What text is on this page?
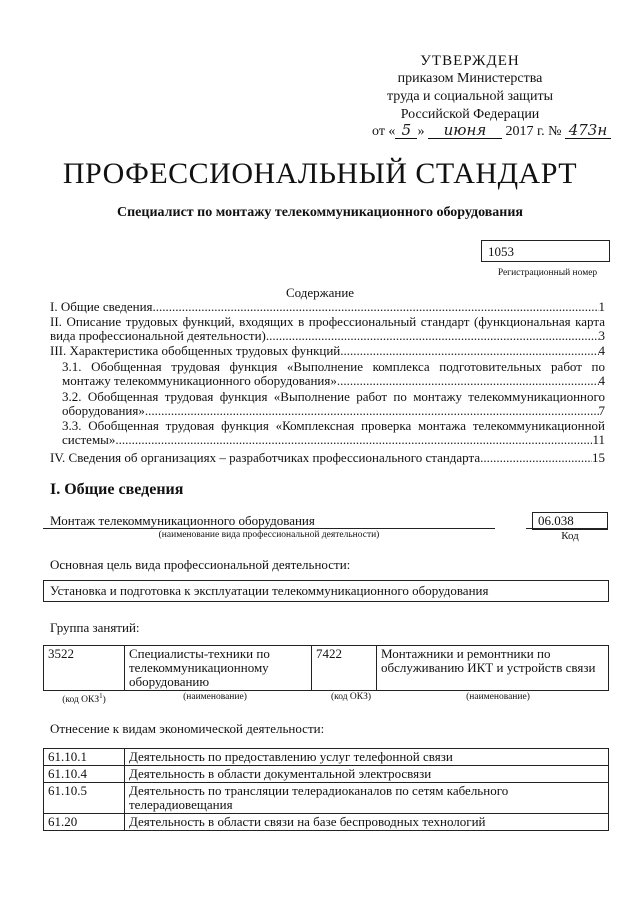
УТВЕРЖДЕН
приказом Министерства
труда и социальной защиты
Российской Федерации
от « 5 » июня 2017 г. № 473н
ПРОФЕССИОНАЛЬНЫЙ СТАНДАРТ
Специалист по монтажу телекоммуникационного оборудования
1053
Регистрационный номер
Содержание
I. Общие сведения .....	1
II. Описание трудовых функций, входящих в профессиональный стандарт (функциональная карта
вида профессиональной деятельности) .....	3
III. Характеристика обобщенных трудовых функций .....	4
3.1. Обобщенная трудовая функция «Выполнение комплекса подготовительных работ по
монтажу телекоммуникационного оборудования» .....	4
3.2. Обобщенная трудовая функция «Выполнение работ по монтажу телекоммуникационного
оборудования» .....	7
3.3. Обобщенная трудовая функция «Комплексная проверка монтажа телекоммуникационной
системы» .....	11
IV. Сведения об организациях – разработчиках профессионального стандарта .....	15
I. Общие сведения
Монтаж телекоммуникационного оборудования
(наименование вида профессиональной деятельности)
06.038
Код
Основная цель вида профессиональной деятельности:
Установка и подготовка к эксплуатации телекоммуникационного оборудования
Группа занятий:
3522	Специалисты-техники по телекоммуникационному оборудованию	7422	Монтажники и ремонтники по обслуживанию ИКТ и устройств связи
(код ОКЗ$^1$)	(наименование)	(код ОКЗ)	(наименование)
Отнесение к видам экономической деятельности:
61.10.1	Деятельность по предоставлению услуг телефонной связи
61.10.4	Деятельность в области документальной электросвязи
61.10.5	Деятельность по трансляции телерадиоканалов по сетям кабельного телерадиовещания
61.20	Деятельность в области связи на базе беспроводных технологий
